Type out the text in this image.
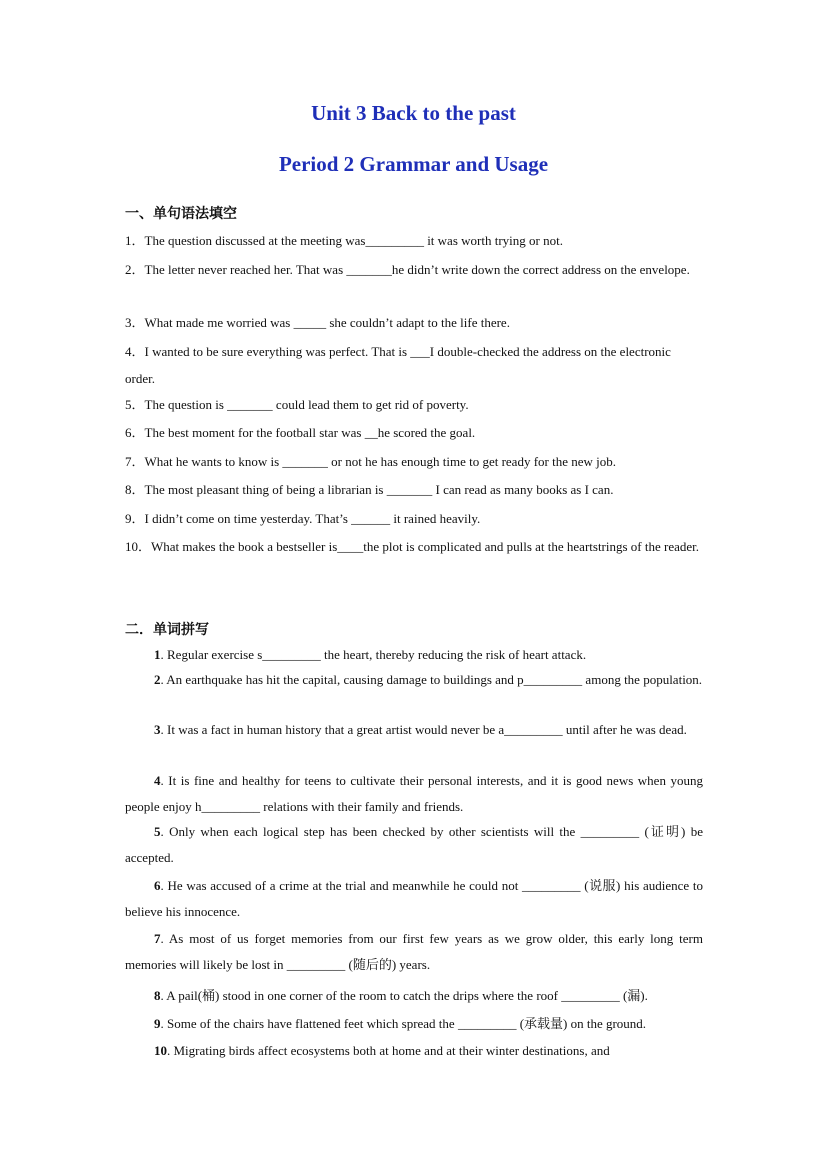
Unit 3 Back to the past
Period 2 Grammar and Usage
一、单句语法填空

1．The question discussed at the meeting was_________ it was worth trying or not.

2．The letter never reached her. That was _______he didn’t write down the correct address on the envelope.

3．What made me worried was _____ she couldn’t adapt to the life there.

4．I wanted to be sure everything was perfect. That is ___I double-checked the address on the electronic order.

5．The question is _______ could lead them to get rid of poverty.

6．The best moment for the football star was __he scored the goal.

7．What he wants to know is _______ or not he has enough time to get ready for the new job.

8．The most pleasant thing of being a librarian is _______ I can read as many books as I can.

9．I didn’t come on time yesterday. That’s ______ it rained heavily.

10．What makes the book a bestseller is____the plot is complicated and pulls at the heartstrings of the reader.

二．单词拼写

1. Regular exercise s_________ the heart, thereby reducing the risk of heart attack.

2. An earthquake has hit the capital, causing damage to buildings and p_________ among the population.

3. It was a fact in human history that a great artist would never be a_________ until after he was dead.

4. It is fine and healthy for teens to cultivate their personal interests, and it is good news when young people enjoy h_________ relations with their family and friends.

5. Only when each logical step has been checked by other scientists will the _________ (证明) be accepted.

6. He was accused of a crime at the trial and meanwhile he could not _________ (说服) his audience to believe his innocence.

7. As most of us forget memories from our first few years as we grow older, this early long term memories will likely be lost in _________ (随后的) years.

8. A pail(桶) stood in one corner of the room to catch the drips where the roof _________ (漏).

9. Some of the chairs have flattened feet which spread the _________ (承载量) on the ground.

10. Migrating birds affect ecosystems both at home and at their winter destinations, and
